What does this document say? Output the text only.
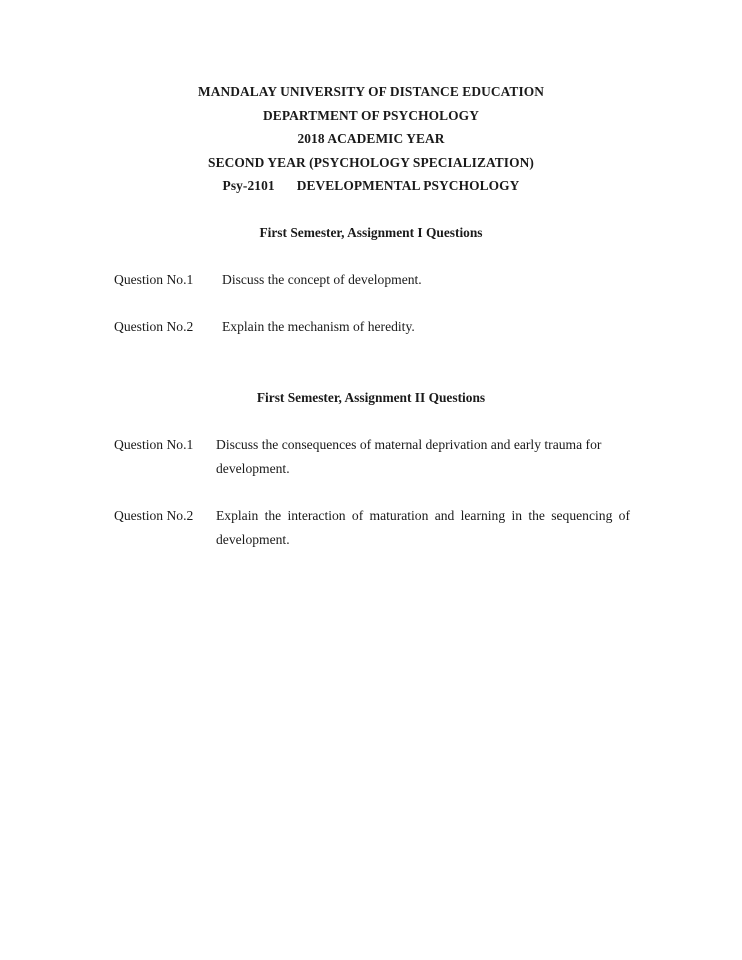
MANDALAY UNIVERSITY OF DISTANCE EDUCATION
DEPARTMENT OF PSYCHOLOGY
2018 ACADEMIC YEAR
SECOND YEAR (PSYCHOLOGY SPECIALIZATION)
Psy-2101 DEVELOPMENTAL PSYCHOLOGY
First Semester, Assignment I Questions
Question No.1 Discuss the concept of development.
Question No.2 Explain the mechanism of heredity.
First Semester, Assignment II Questions
Question No.1 Discuss the consequences of maternal deprivation and early trauma for development.
Question No.2 Explain the interaction of maturation and learning in the sequencing of development.
